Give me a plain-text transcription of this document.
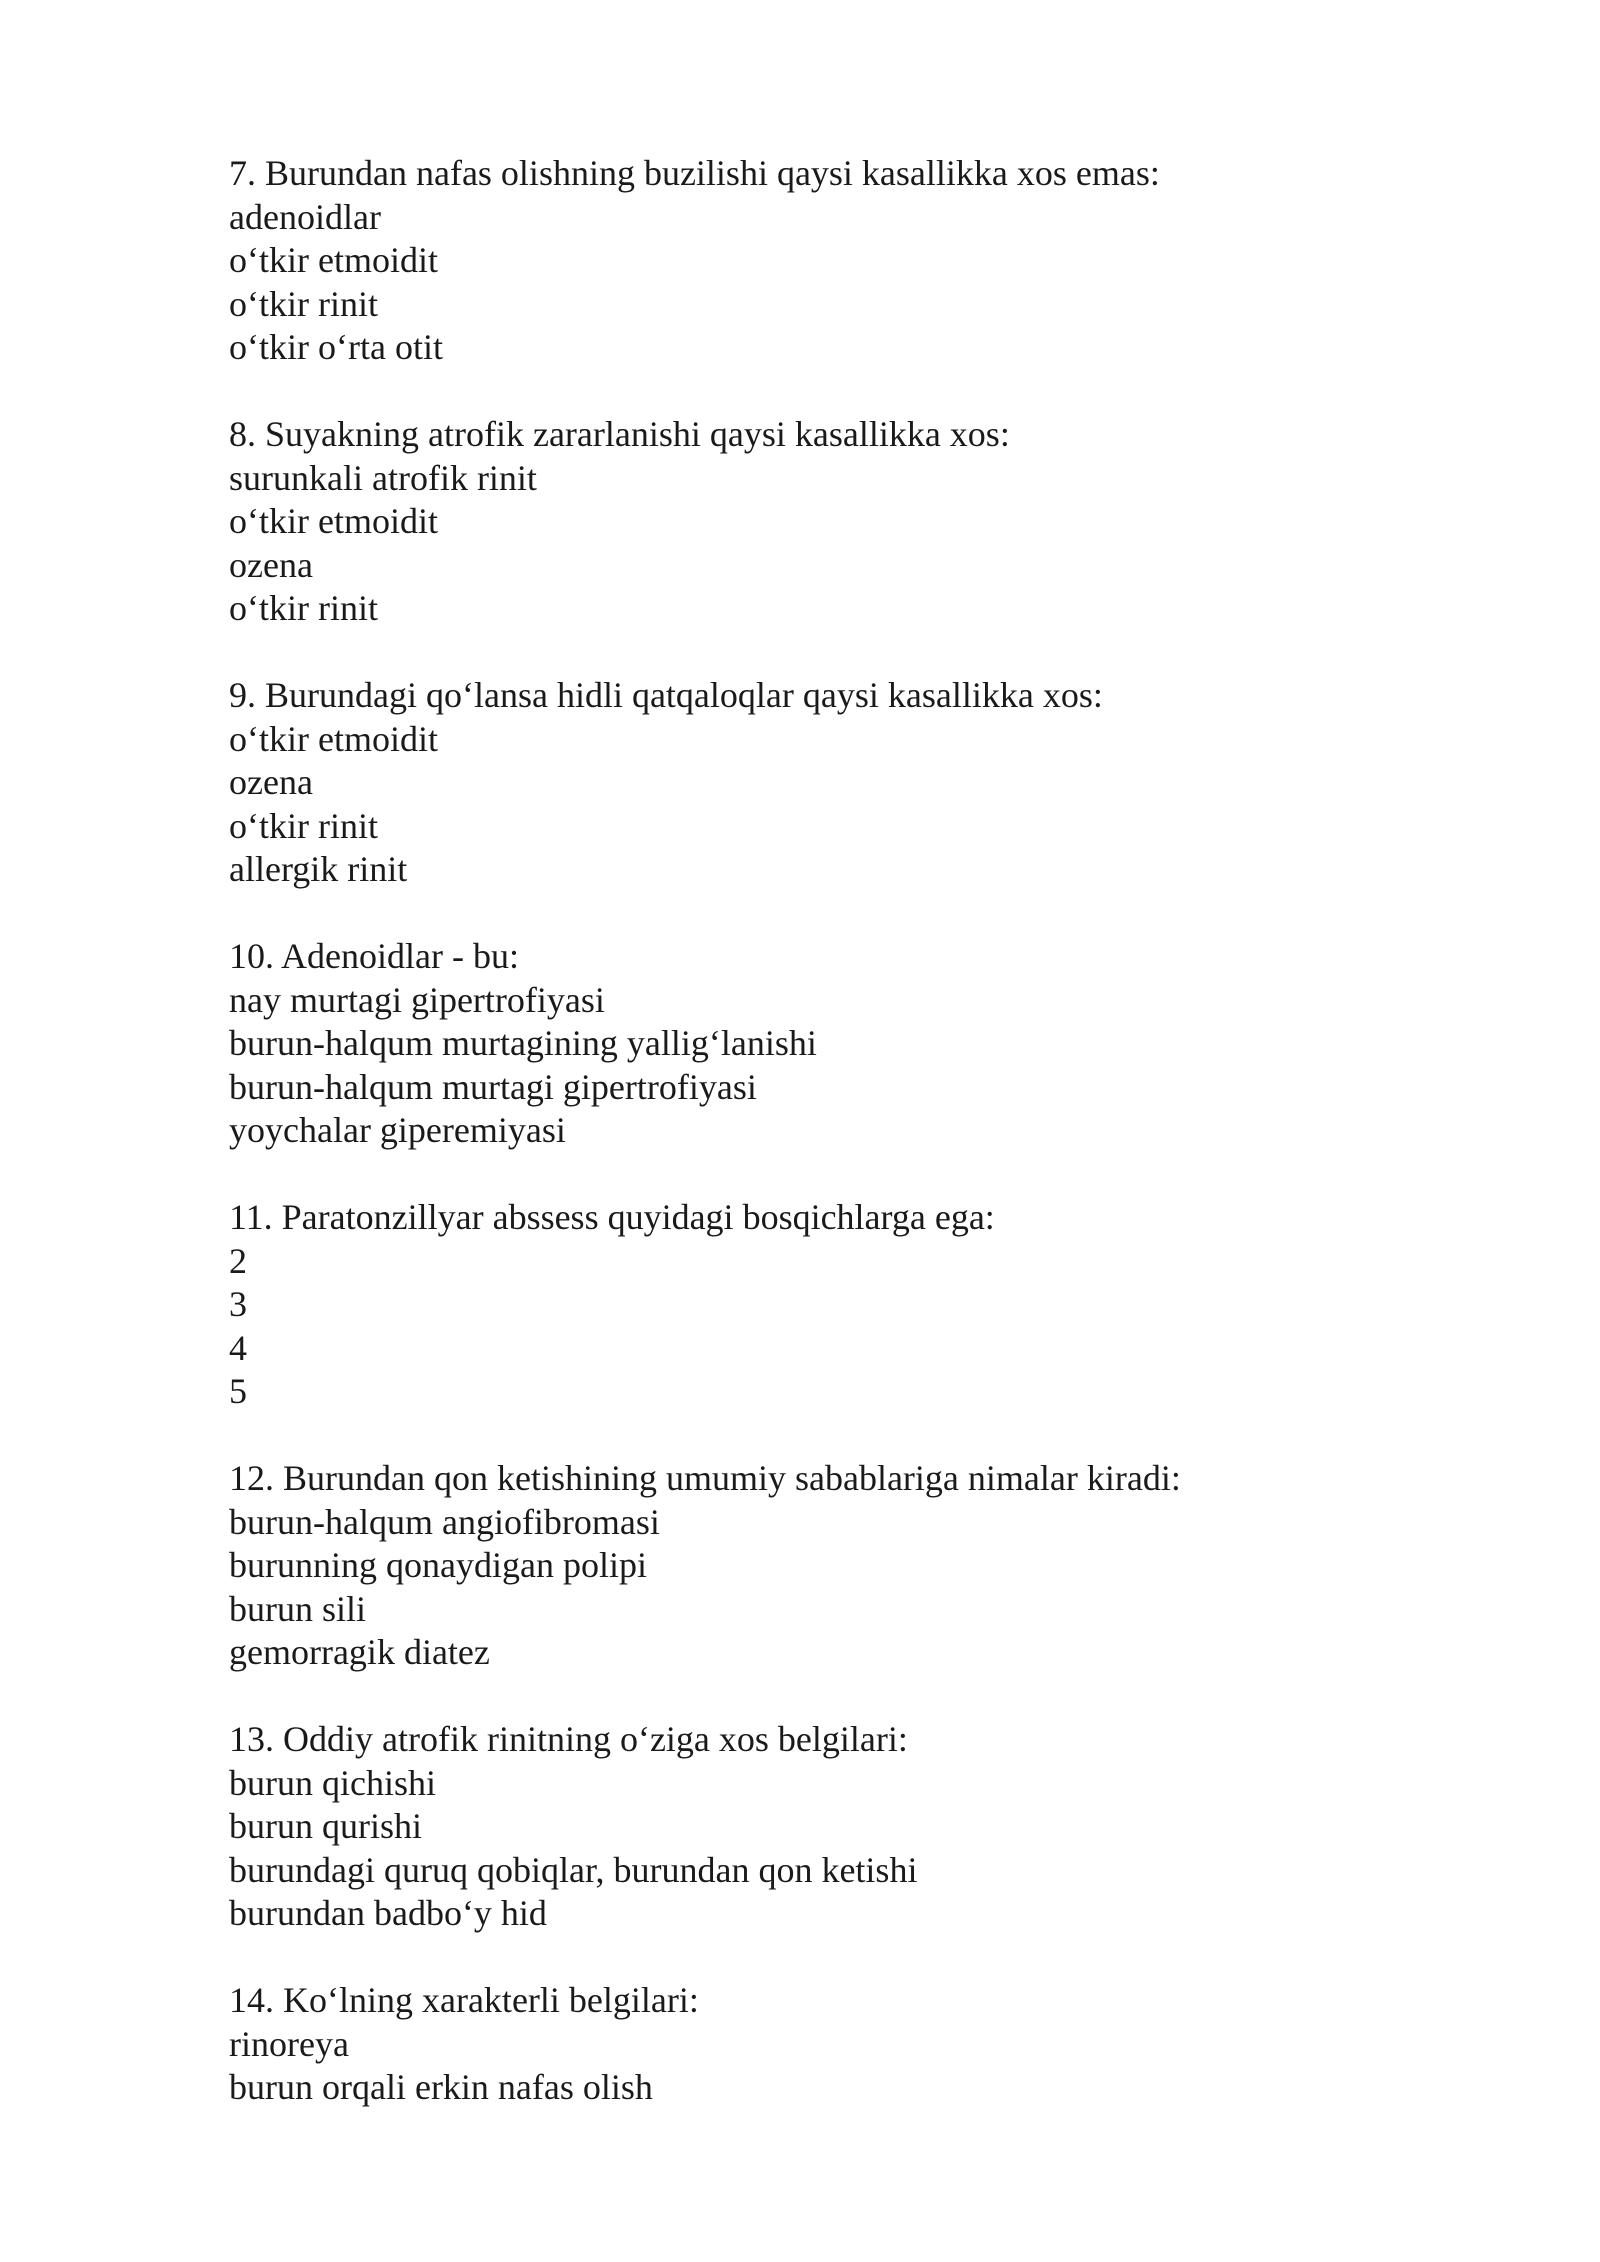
7. Burundan nafas olishning buzilishi qaysi kasallikka xos emas:
adenoidlar
o‘tkir etmoidit
o‘tkir rinit
o‘tkir o‘rta otit
8. Suyakning atrofik zararlanishi qaysi kasallikka xos:
surunkali atrofik rinit
o‘tkir etmoidit
ozena
o‘tkir rinit
9. Burundagi qo‘lansa hidli qatqaloqlar qaysi kasallikka xos:
o‘tkir etmoidit
ozena
o‘tkir rinit
allergik rinit
10. Adenoidlar - bu:
nay murtagi gipertrofiyasi
burun-halqum murtagining yallig‘lanishi
burun-halqum murtagi gipertrofiyasi
yoychalar giperemiyasi
11. Paratonzillyar abssess quyidagi bosqichlarga ega:
2
3
4
5
12. Burundan qon ketishining umumiy sabablariga nimalar kiradi:
burun-halqum angiofibromasi
burunning qonaydigan polipi
burun sili
gemorragik diatez
13. Oddiy atrofik rinitning o‘ziga xos belgilari:
burun qichishi
burun qurishi
burundagi quruq qobiqlar, burundan qon ketishi
burundan badbo‘y hid
14. Ko‘lning xarakterli belgilari:
rinoreya
burun orqali erkin nafas olish
